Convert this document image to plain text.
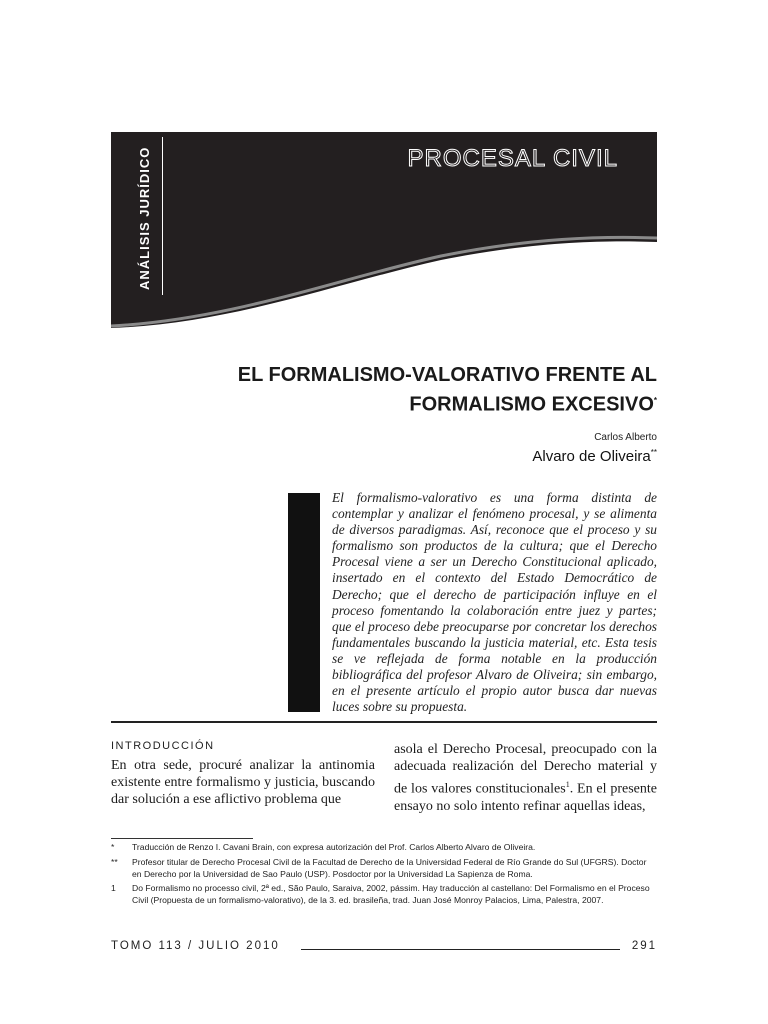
ANÁLISIS JURÍDICO	PROCESAL CIVIL
EL FORMALISMO-VALORATIVO FRENTE AL
FORMALISMO EXCESIVO*
Carlos Alberto
Alvaro de Oliveira**
El formalismo-valorativo es una forma distinta de contemplar y analizar el fenómeno procesal, y se alimenta de diversos paradigmas. Así, reconoce que el proceso y su formalismo son productos de la cultura; que el Derecho Procesal viene a ser un Derecho Constitucional aplicado, insertado en el contexto del Estado Democrático de Derecho; que el derecho de participación influye en el proceso fomentando la colaboración entre juez y partes; que el proceso debe preocuparse por concretar los derechos fundamentales buscando la justicia material, etc. Esta tesis se ve reflejada de forma notable en la producción bibliográfica del profesor Alvaro de Oliveira; sin embargo, en el presente artículo el propio autor busca dar nuevas luces sobre su propuesta.
INTRODUCCIÓN
En otra sede, procuré analizar la antinomia existente entre formalismo y justicia, buscando dar solución a ese aflictivo problema que
asola el Derecho Procesal, preocupado con la adecuada realización del Derecho material y de los valores constitucionales$^1$. En el presente ensayo no solo intento refinar aquellas ideas,
* Traducción de Renzo I. Cavani Brain, con expresa autorización del Prof. Carlos Alberto Alvaro de Oliveira.
** Profesor titular de Derecho Procesal Civil de la Facultad de Derecho de la Universidad Federal de Río Grande do Sul (UFGRS). Doctor en Derecho por la Universidad de Sao Paulo (USP). Posdoctor por la Universidad La Sapienza de Roma.
1 Do Formalismo no processo civil, 2ª ed., São Paulo, Saraiva, 2002, pássim. Hay traducción al castellano: Del Formalismo en el Proceso Civil (Propuesta de un formalismo-valorativo), de la 3. ed. brasileña, trad. Juan José Monroy Palacios, Lima, Palestra, 2007.
TOMO 113 / JULIO 2010	291
